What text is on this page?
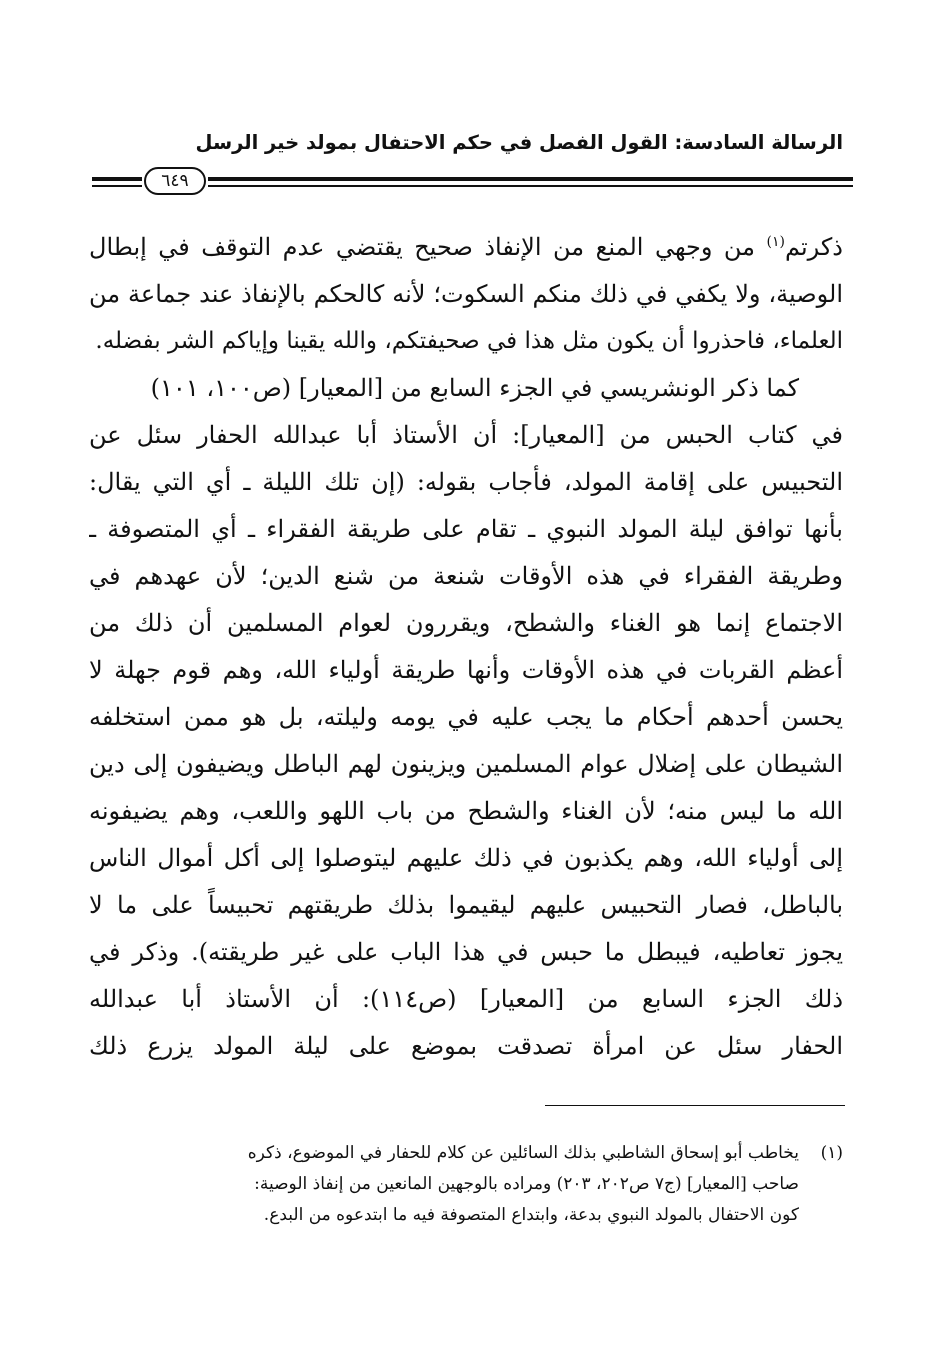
الرسالة السادسة: القول الفصل في حكم الاحتفال بمولد خير الرسل
٦٤٩
ذكرتم$^{(١)}$ من وجهي المنع من الإنفاذ صحيح يقتضي عدم التوقف في إبطال
الوصية، ولا يكفي في ذلك منكم السكوت؛ لأنه كالحكم بالإنفاذ عند جماعة من
العلماء، فاحذروا أن يكون مثل هذا في صحيفتكم، والله يقينا وإياكم الشر بفضله.
كما ذكر الونشريسي في الجزء السابع من [المعيار] (ص١٠٠، ١٠١)
في كتاب الحبس من [المعيار]: أن الأستاذ أبا عبدالله الحفار سئل عن
التحبيس على إقامة المولد، فأجاب بقوله: (إن تلك الليلة ـ أي التي يقال:
بأنها توافق ليلة المولد النبوي ـ تقام على طريقة الفقراء ـ أي المتصوفة ـ
وطريقة الفقراء في هذه الأوقات شنعة من شنع الدين؛ لأن عهدهم في
الاجتماع إنما هو الغناء والشطح، ويقررون لعوام المسلمين أن ذلك من
أعظم القربات في هذه الأوقات وأنها طريقة أولياء الله، وهم قوم جهلة لا
يحسن أحدهم أحكام ما يجب عليه في يومه وليلته، بل هو ممن استخلفه
الشيطان على إضلال عوام المسلمين ويزينون لهم الباطل ويضيفون إلى دين
الله ما ليس منه؛ لأن الغناء والشطح من باب اللهو واللعب، وهم يضيفونه
إلى أولياء الله، وهم يكذبون في ذلك عليهم ليتوصلوا إلى أكل أموال الناس
بالباطل، فصار التحبيس عليهم ليقيموا بذلك طريقتهم تحبيساً على ما لا
يجوز تعاطيه، فيبطل ما حبس في هذا الباب على غير طريقته). وذكر في
ذلك الجزء السابع من [المعيار] (ص١١٤): أن الأستاذ أبا عبدالله
الحفار سئل عن امرأة تصدقت بموضع على ليلة المولد يزرع ذلك
(١)يخاطب أبو إسحاق الشاطبي بذلك السائلين عن كلام للحفار في الموضوع، ذكره
صاحب [المعيار] (ج٧ ص٢٠٢، ٢٠٣) ومراده بالوجهين المانعين من إنفاذ الوصية:
كون الاحتفال بالمولد النبوي بدعة، وابتداع المتصوفة فيه ما ابتدعوه من البدع.
